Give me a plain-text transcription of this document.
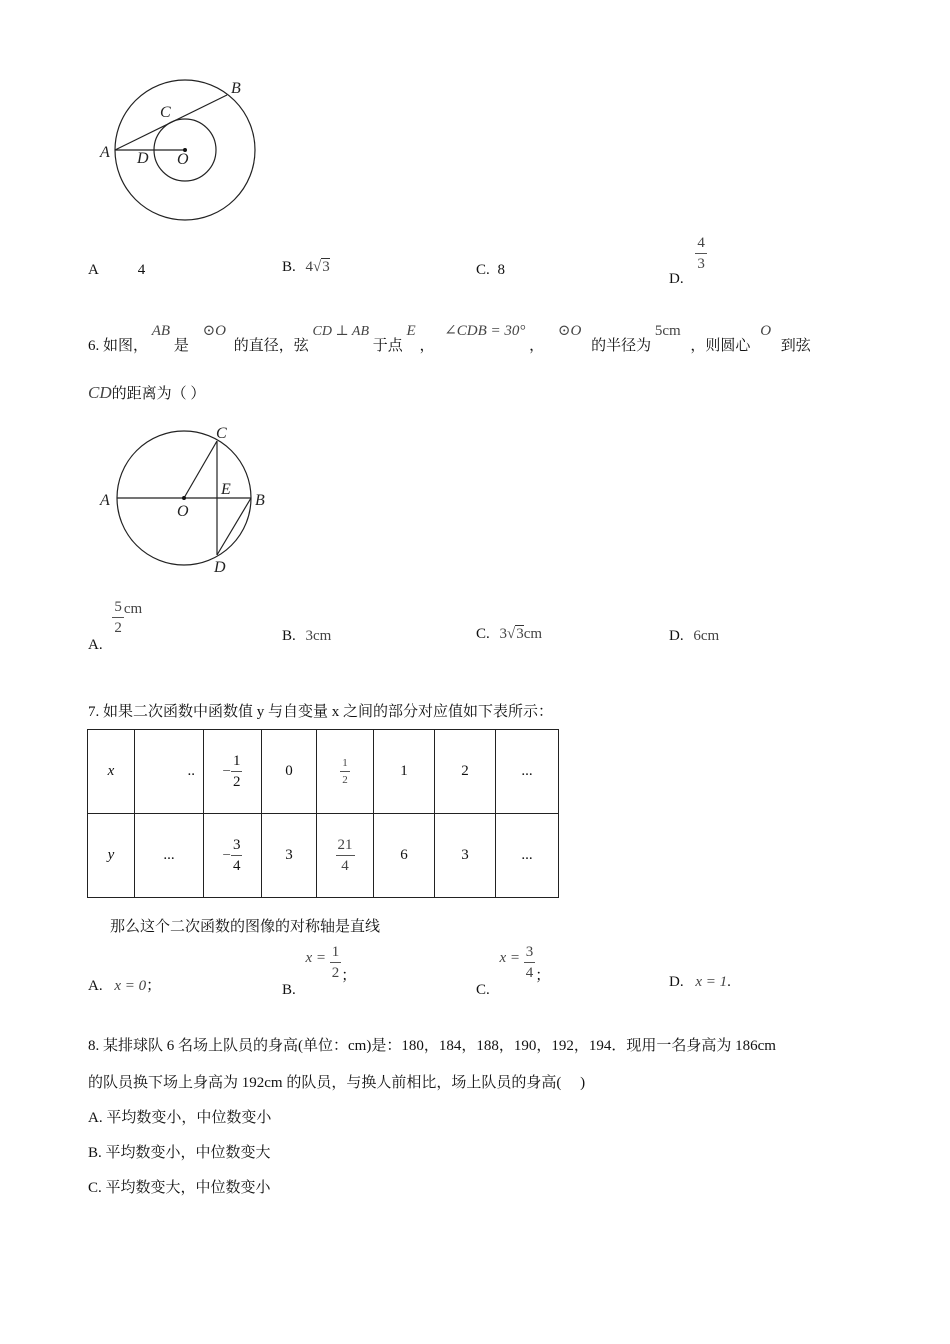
B
C
A D O
A	4	B. 4√3	C. 8
D.
$\frac{4}{3}$
6. 如图， AB 是 ⊙O 的直径，弦 CD ⊥ AB 于点 E ， ∠CDB = 30° ， ⊙O 的半径为 5cm ，则圆心 O 到弦
CD的距离为（ ）
C
E
A	B
O
D
A.
$\frac{5}{2}$ cm
B. 3cm	C. 3√3cm	D. 6cm
7. 如果二次函数中函数值 y 与自变量 x 之间的部分对应值如下表所示：
x	..	− $\frac{1}{2}$	0	$\frac{1}{2}$	1	2	...
y	...	− $\frac{3}{4}$	3	$\frac{21}{4}$	6	3	...
那么这个二次函数的图像的对称轴是直线
A. x = 0；	B. $x = \frac{1}{2}$ ；
C. $x = \frac{3}{4}$ ；	D. x = 1.
8. 某排球队 6 名场上队员的身高(单位：cm)是：180，184，188，190，192，194．现用一名身高为 186cm
的队员换下场上身高为 192cm 的队员，与换人前相比，场上队员的身高(　 )
A. 平均数变小，中位数变小
B. 平均数变小，中位数变大
C. 平均数变大，中位数变小
